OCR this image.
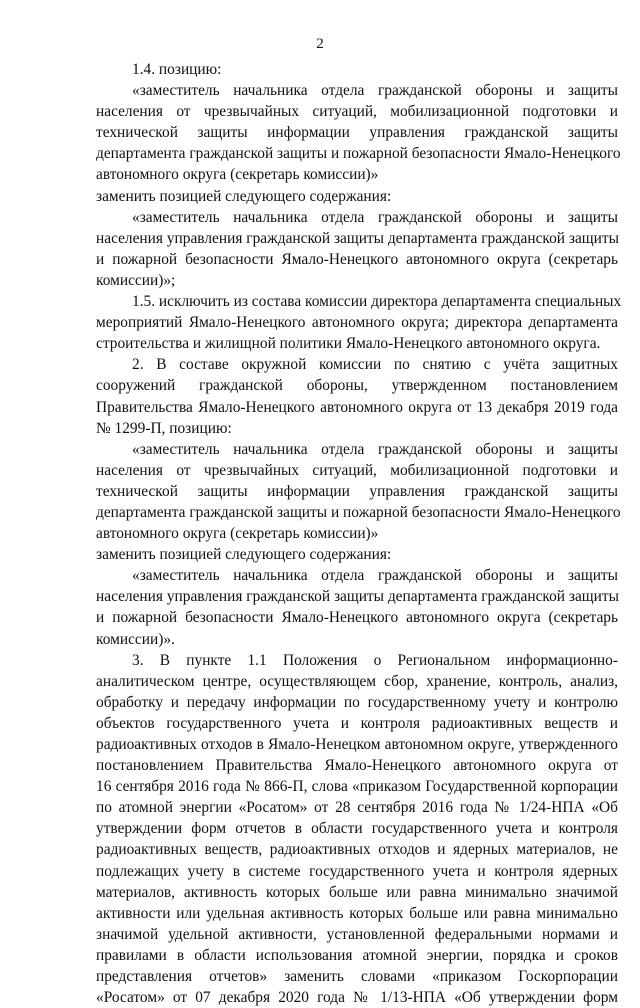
2
1.4. позицию:
«заместитель начальника отдела гражданской обороны и защиты
населения от чрезвычайных ситуаций, мобилизационной подготовки и
технической защиты информации управления гражданской защиты
департамента гражданской защиты и пожарной безопасности Ямало-Ненецкого
автономного округа (секретарь комиссии)»
заменить позицией следующего содержания:
«заместитель начальника отдела гражданской обороны и защиты
населения управления гражданской защиты департамента гражданской защиты
и пожарной безопасности Ямало-Ненецкого автономного округа (секретарь
комиссии)»;
1.5. исключить из состава комиссии директора департамента специальных
мероприятий Ямало-Ненецкого автономного округа; директора департамента
строительства и жилищной политики Ямало-Ненецкого автономного округа.
2. В составе окружной комиссии по снятию с учёта защитных
сооружений гражданской обороны, утвержденном постановлением
Правительства Ямало-Ненецкого автономного округа от 13 декабря 2019 года
№ 1299-П, позицию:
«заместитель начальника отдела гражданской обороны и защиты
населения от чрезвычайных ситуаций, мобилизационной подготовки и
технической защиты информации управления гражданской защиты
департамента гражданской защиты и пожарной безопасности Ямало-Ненецкого
автономного округа (секретарь комиссии)»
заменить позицией следующего содержания:
«заместитель начальника отдела гражданской обороны и защиты
населения управления гражданской защиты департамента гражданской защиты
и пожарной безопасности Ямало-Ненецкого автономного округа (секретарь
комиссии)».
3. В пункте 1.1 Положения о Региональном информационно-
аналитическом центре, осуществляющем сбор, хранение, контроль, анализ,
обработку и передачу информации по государственному учету и контролю
объектов государственного учета и контроля радиоактивных веществ и
радиоактивных отходов в Ямало-Ненецком автономном округе, утвержденного
постановлением Правительства Ямало-Ненецкого автономного округа от
16 сентября 2016 года № 866-П, слова «приказом Государственной корпорации
по атомной энергии «Росатом» от 28 сентября 2016 года № 1/24-НПА «Об
утверждении форм отчетов в области государственного учета и контроля
радиоактивных веществ, радиоактивных отходов и ядерных материалов, не
подлежащих учету в системе государственного учета и контроля ядерных
материалов, активность которых больше или равна минимально значимой
активности или удельная активность которых больше или равна минимально
значимой удельной активности, установленной федеральными нормами и
правилами в области использования атомной энергии, порядка и сроков
представления отчетов» заменить словами «приказом Госкорпорации
«Росатом» от 07 декабря 2020 года № 1/13-НПА «Об утверждении форм
